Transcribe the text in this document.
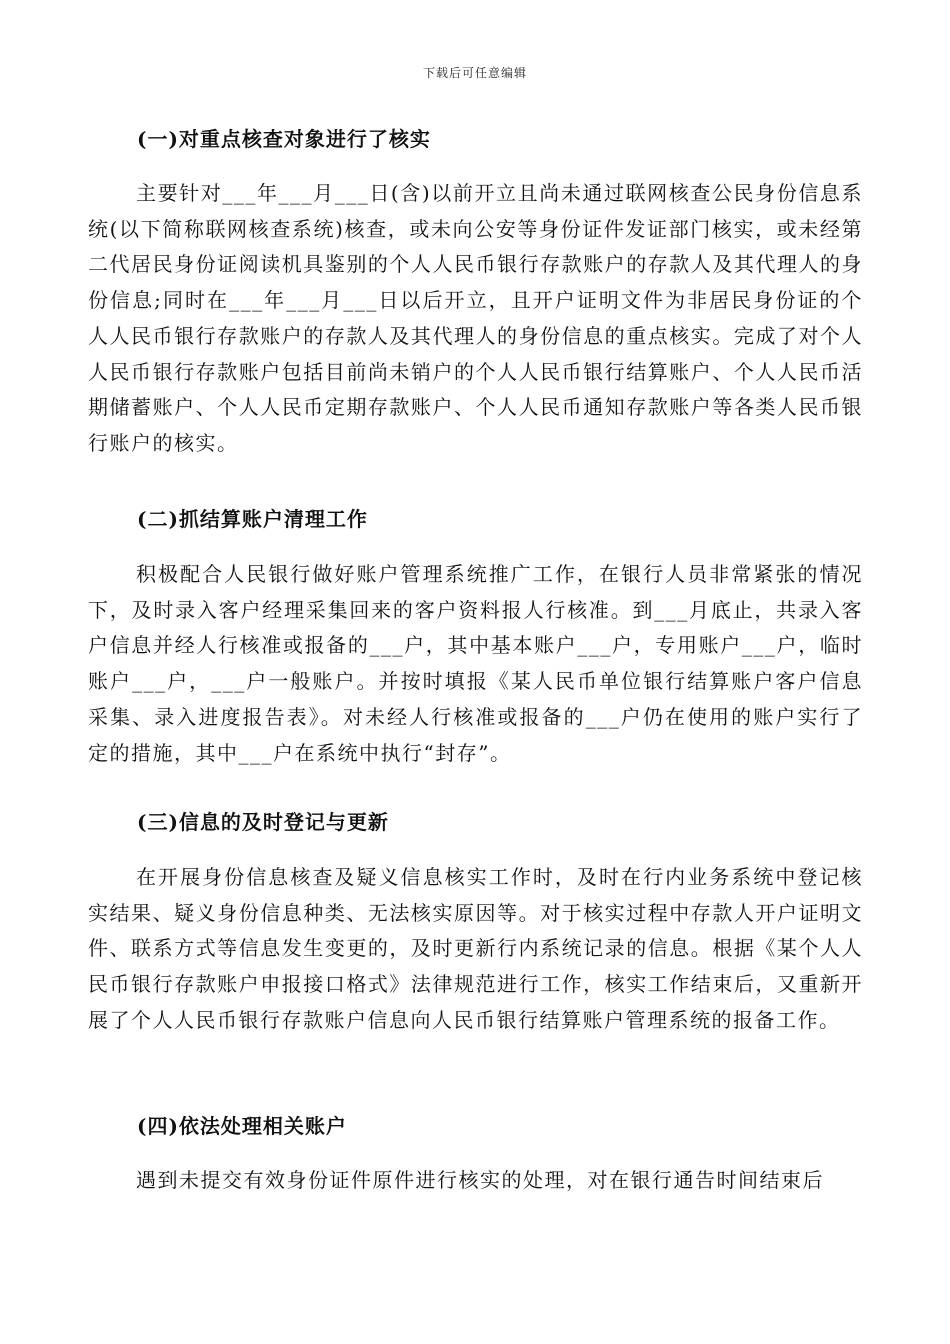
下载后可任意编辑
(一)对重点核查对象进行了核实

主要针对___年___月___日(含)以前开立且尚未通过联网核查公民身份信息系统(以下简称联网核查系统)核查，或未向公安等身份证件发证部门核实，或未经第二代居民身份证阅读机具鉴别的个人人民币银行存款账户的存款人及其代理人的身份信息;同时在___年___月___日以后开立，且开户证明文件为非居民身份证的个人人民币银行存款账户的存款人及其代理人的身份信息的重点核实。完成了对个人人民币银行存款账户包括目前尚未销户的个人人民币银行结算账户、个人人民币活期储蓄账户、个人人民币定期存款账户、个人人民币通知存款账户等各类人民币银行账户的核实。

(二)抓结算账户清理工作

积极配合人民银行做好账户管理系统推广工作，在银行人员非常紧张的情况下，及时录入客户经理采集回来的客户资料报人行核准。到___月底止，共录入客户信息并经人行核准或报备的___户，其中基本账户___户，专用账户___户，临时账户___户，___户一般账户。并按时填报《某人民币单位银行结算账户客户信息采集、录入进度报告表》。对未经人行核准或报备的___户仍在使用的账户实行了定的措施，其中___户在系统中执行“封存”。

(三)信息的及时登记与更新

在开展身份信息核查及疑义信息核实工作时，及时在行内业务系统中登记核实结果、疑义身份信息种类、无法核实原因等。对于核实过程中存款人开户证明文件、联系方式等信息发生变更的，及时更新行内系统记录的信息。根据《某个人人民币银行存款账户申报接口格式》法律规范进行工作，核实工作结束后，又重新开展了个人人民币银行存款账户信息向人民币银行结算账户管理系统的报备工作。

(四)依法处理相关账户

遇到未提交有效身份证件原件进行核实的处理，对在银行通告时间结束后
